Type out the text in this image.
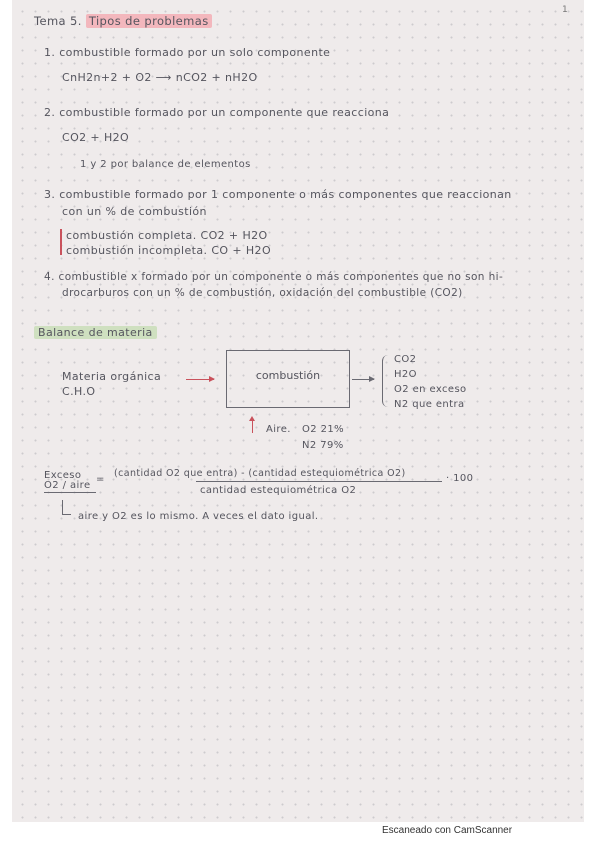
1
Tema 5. Tipos de problemas
1. combustible formado por un solo componente
CnH2n+2 + O2 ⟶ nCO2 + nH2O
2. combustible formado por un componente que reacciona
CO2 + H2O
1 y 2 por balance de elementos
3. combustible formado por 1 componente o más componentes que reaccionan
con un % de combustión
combustión completa. CO2 + H2O
combustión incompleta. CO + H2O
4. combustible x formado por un componente o más componentes que no son hi-
drocarburos con un % de combustión, oxidación del combustible (CO2)
Balance de materia
Materia orgánica
C.H.O
combustión
CO2
H2O
O2 en exceso
N2 que entra
Aire. O2 21%
N2 79%
Exceso
O2 / aire
=
(cantidad O2 que entra) - (cantidad estequiométrica O2)	· 100
cantidad estequiométrica O2
aire y O2 es lo mismo. A veces el dato igual.
Escaneado con CamScanner
